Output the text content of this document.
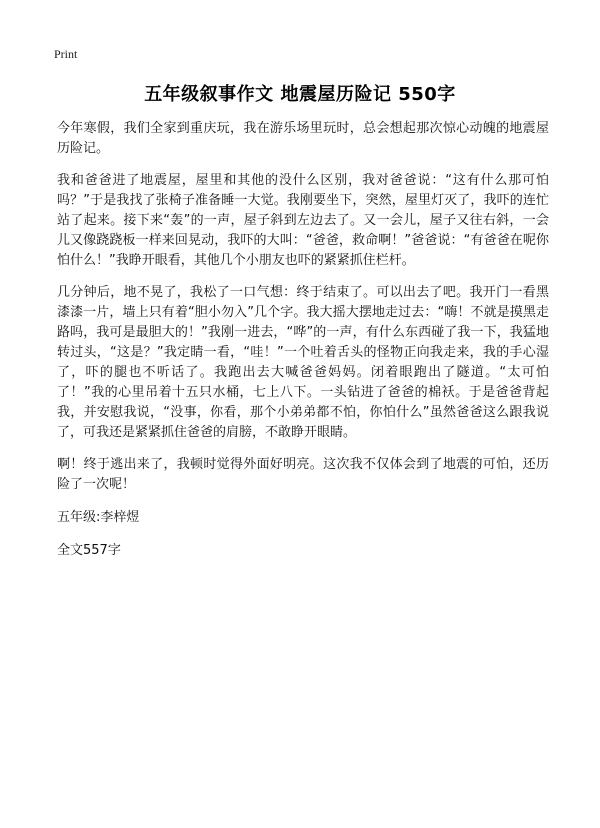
Print
五年级叙事作文 地震屋历险记 550字

今年寒假，我们全家到重庆玩，我在游乐场里玩时，总会想起那次惊心动魄的地震屋历险记。

我和爸爸进了地震屋，屋里和其他的没什么区别，我对爸爸说：“这有什么那可怕吗？”于是我找了张椅子准备睡一大觉。我刚要坐下，突然，屋里灯灭了，我吓的连忙站了起来。接下来“轰”的一声，屋子斜到左边去了。又一会儿，屋子又往右斜，一会儿又像跷跷板一样来回晃动，我吓的大叫：“爸爸，救命啊！”爸爸说：“有爸爸在呢你怕什么！”我睁开眼看，其他几个小朋友也吓的紧紧抓住栏杆。

几分钟后，地不晃了，我松了一口气想：终于结束了。可以出去了吧。我开门一看黑漆漆一片，墙上只有着“胆小勿入”几个字。我大摇大摆地走过去：“嗨！不就是摸黑走路吗，我可是最胆大的！”我刚一进去，“哗”的一声，有什么东西碰了我一下，我猛地转过头，“这是？”我定睛一看，“哇！”一个吐着舌头的怪物正向我走来，我的手心湿了，吓的腿也不听话了。我跑出去大喊爸爸妈妈。闭着眼跑出了隧道。“太可怕了！”我的心里吊着十五只水桶，七上八下。一头钻进了爸爸的棉袄。于是爸爸背起我，并安慰我说，“没事，你看，那个小弟弟都不怕，你怕什么”虽然爸爸这么跟我说了，可我还是紧紧抓住爸爸的肩膀，不敢睁开眼睛。

啊！终于逃出来了，我顿时觉得外面好明亮。这次我不仅体会到了地震的可怕，还历险了一次呢！

五年级:李梓煜

全文557字
